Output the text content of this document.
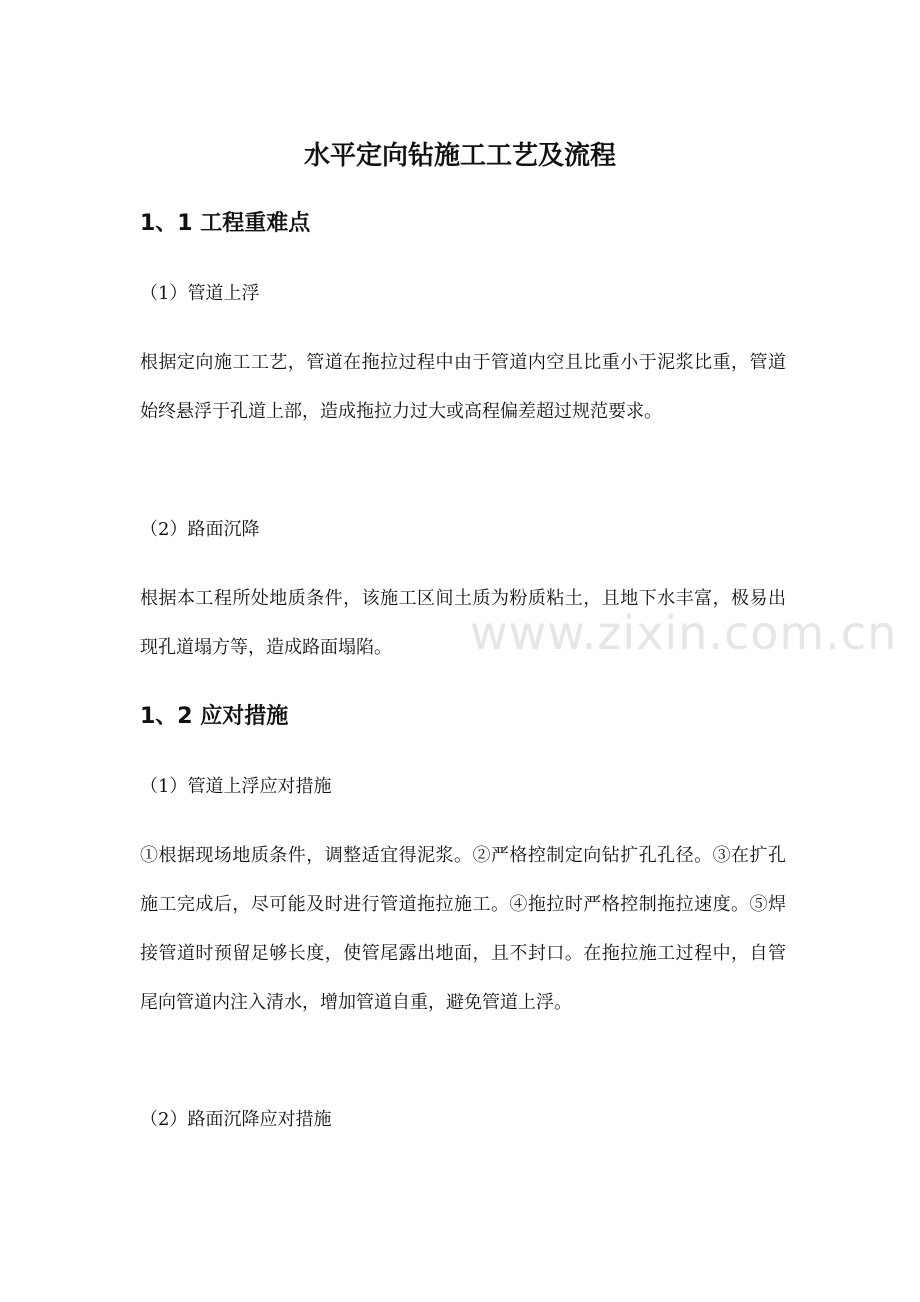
水平定向钻施工工艺及流程
1、1 工程重难点

（1）管道上浮

根据定向施工工艺，管道在拖拉过程中由于管道内空且比重小于泥浆比重，管道始终悬浮于孔道上部，造成拖拉力过大或高程偏差超过规范要求。

（2）路面沉降

根据本工程所处地质条件，该施工区间土质为粉质粘土，且地下水丰富，极易出现孔道塌方等，造成路面塌陷。	www.zixin.com.cn
1、2 应对措施

（1）管道上浮应对措施

①根据现场地质条件，调整适宜得泥浆。②严格控制定向钻扩孔孔径。③在扩孔施工完成后，尽可能及时进行管道拖拉施工。④拖拉时严格控制拖拉速度。⑤焊接管道时预留足够长度，使管尾露出地面，且不封口。在拖拉施工过程中，自管尾向管道内注入清水，增加管道自重，避免管道上浮。

（2）路面沉降应对措施
